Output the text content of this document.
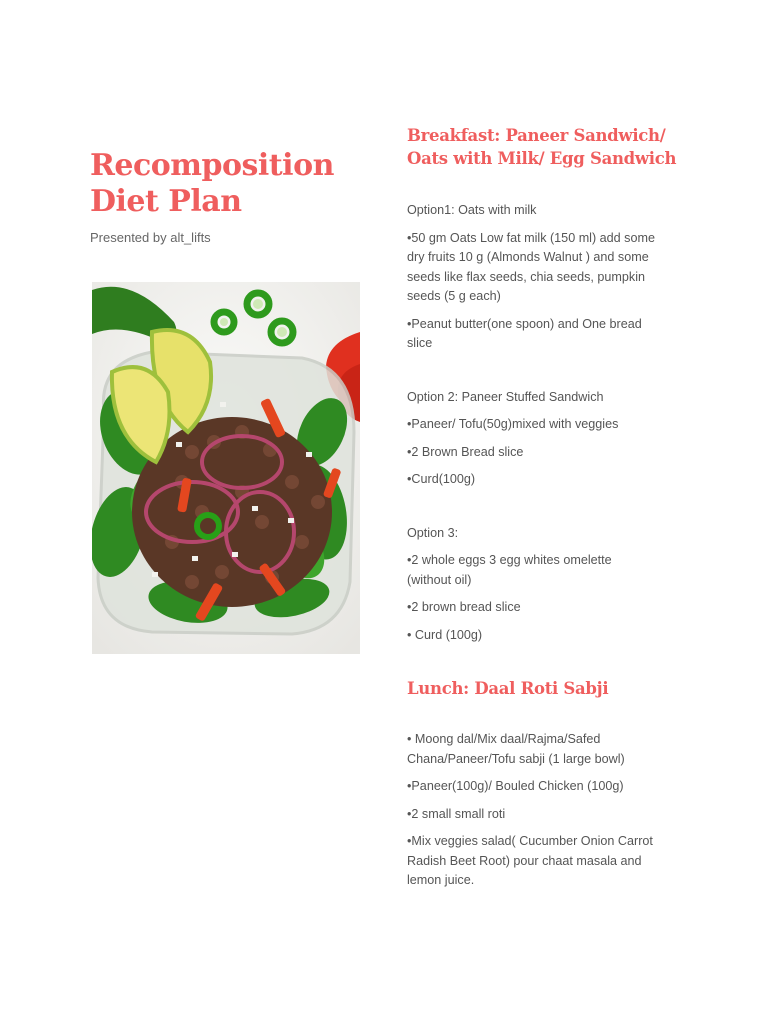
Recomposition
Diet Plan
Presented by alt_lifts
Breakfast: Paneer Sandwich/
Oats with Milk/ Egg Sandwich

Option1: Oats with milk

•50 gm Oats Low fat milk (150 ml) add some

dry fruits 10 g (Almonds Walnut ) and some

seeds like flax seeds, chia seeds, pumpkin

seeds (5 g each)

•Peanut butter(one spoon) and One bread

slice

Option 2: Paneer Stuffed Sandwich

•Paneer/ Tofu(50g)mixed with veggies

•2 Brown Bread slice

•Curd(100g)

Option 3:

•2 whole eggs 3 egg whites omelette

(without oil)

•2 brown bread slice

• Curd (100g)

Lunch: Daal Roti Sabji

• Moong dal/Mix daal/Rajma/Safed

Chana/Paneer/Tofu sabji (1 large bowl)

•Paneer(100g)/ Bouled Chicken (100g)

•2 small small roti

•Mix veggies salad( Cucumber Onion Carrot

Radish Beet Root) pour chaat masala and

lemon juice.
